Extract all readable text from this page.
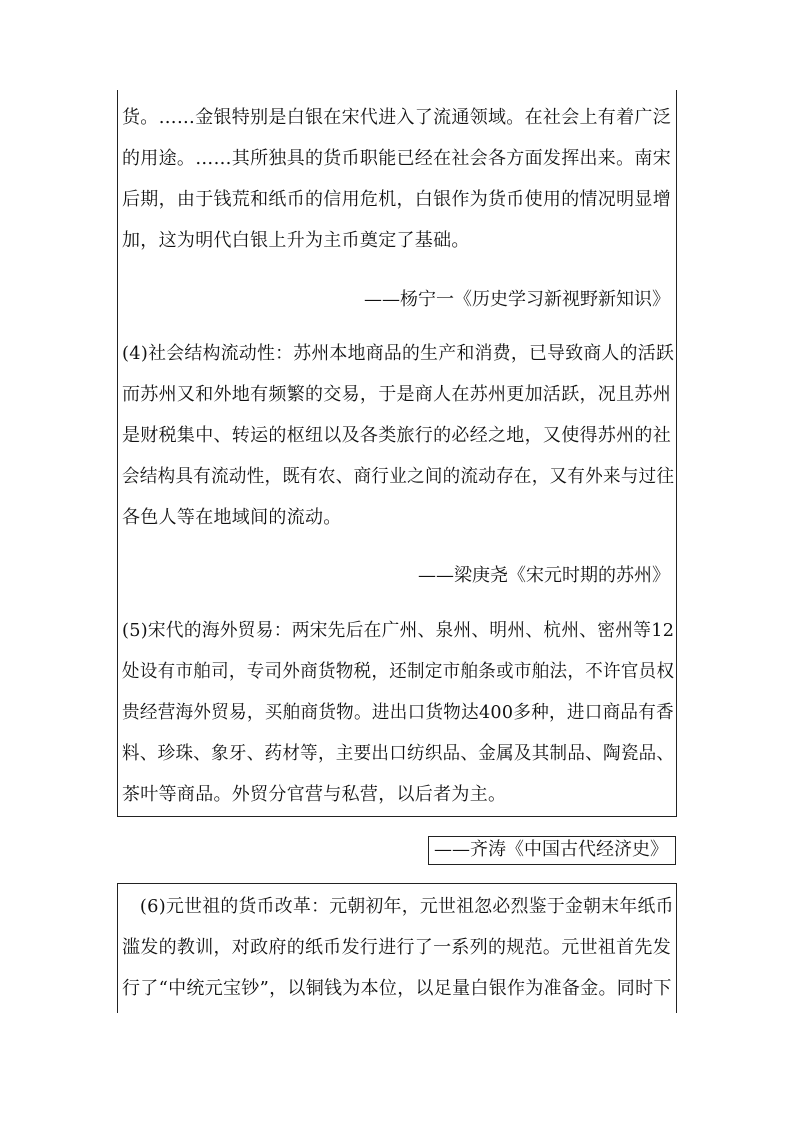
货。……金银特别是白银在宋代进入了流通领域。在社会上有着广泛
的用途。……其所独具的货币职能已经在社会各方面发挥出来。南宋
后期，由于钱荒和纸币的信用危机，白银作为货币使用的情况明显增
加，这为明代白银上升为主币奠定了基础。
——杨宁一《历史学习新视野新知识》
(4)社会结构流动性：苏州本地商品的生产和消费，已导致商人的活跃
而苏州又和外地有频繁的交易，于是商人在苏州更加活跃，况且苏州
是财税集中、转运的枢纽以及各类旅行的必经之地，又使得苏州的社
会结构具有流动性，既有农、商行业之间的流动存在，又有外来与过往
各色人等在地域间的流动。
——梁庚尧《宋元时期的苏州》
(5)宋代的海外贸易：两宋先后在广州、泉州、明州、杭州、密州等12
处设有市舶司，专司外商货物税，还制定市舶条或市舶法，不许官员权
贵经营海外贸易，买舶商货物。进出口货物达400多种，进口商品有香
料、珍珠、象牙、药材等，主要出口纺织品、金属及其制品、陶瓷品、
茶叶等商品。外贸分官营与私营，以后者为主。
——齐涛《中国古代经济史》
(6)元世祖的货币改革：元朝初年，元世祖忽必烈鉴于金朝末年纸币
滥发的教训，对政府的纸币发行进行了一系列的规范。元世祖首先发
行了“中统元宝钞”，以铜钱为本位，以足量白银作为准备金。同时下
